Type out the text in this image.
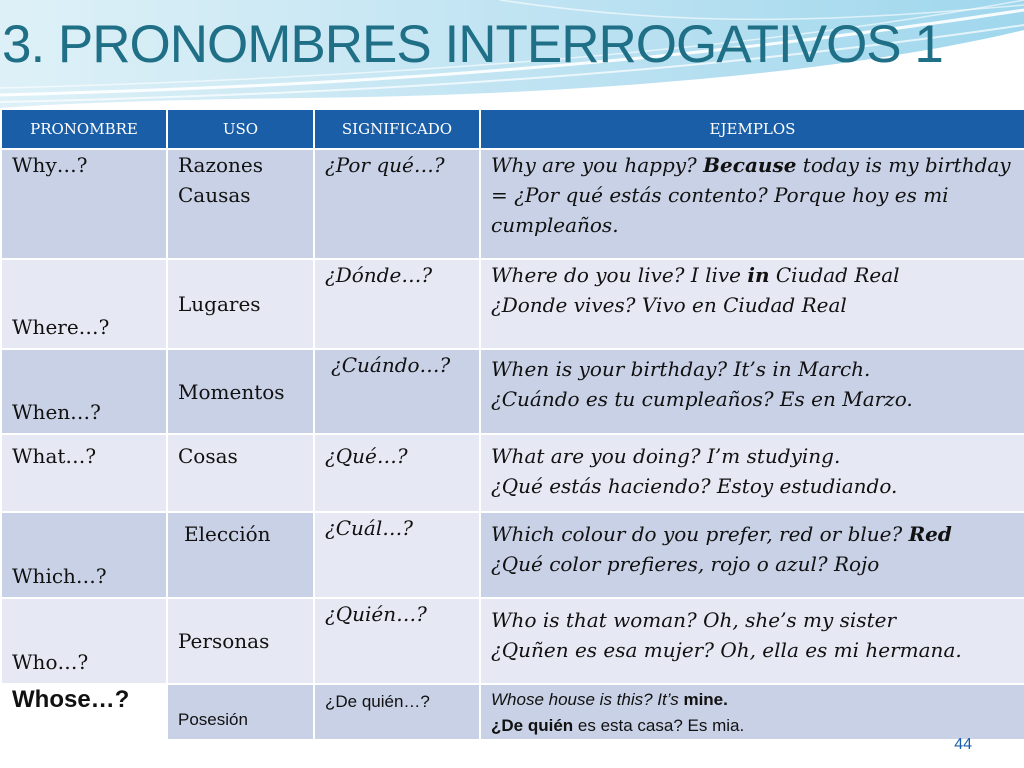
3. PRONOMBRES INTERROGATIVOS 1
PRONOMBRE	USO	SIGNIFICADO	EJEMPLOS
Why…?	Razones
Causas	¿Por qué…?	Why are you happy? Because today is my birthday = ¿Por qué estás contento? Porque hoy es mi cumpleaños.
Where…?	Lugares	¿Dónde…?	Where do you live? I live in Ciudad Real
¿Donde vives? Vivo en Ciudad Real
When…?	Momentos	¿Cuándo…?	When is your birthday? It’s in March.
¿Cuándo es tu cumpleaños? Es en Marzo.
What…?	Cosas	¿Qué…?	What are you doing? I’m studying.
¿Qué estás haciendo? Estoy estudiando.
Which…?	Elección	¿Cuál…?	Which colour do you prefer, red or blue? Red
¿Qué color prefieres, rojo o azul? Rojo
Who…?	Personas	¿Quién…?	Who is that woman? Oh, she’s my sister
¿Quñen es esa mujer? Oh, ella es mi hermana.
Whose…?	Posesión	¿De quién…?	Whose house is this? It’s mine.
¿De quién es esta casa? Es mia.
44
